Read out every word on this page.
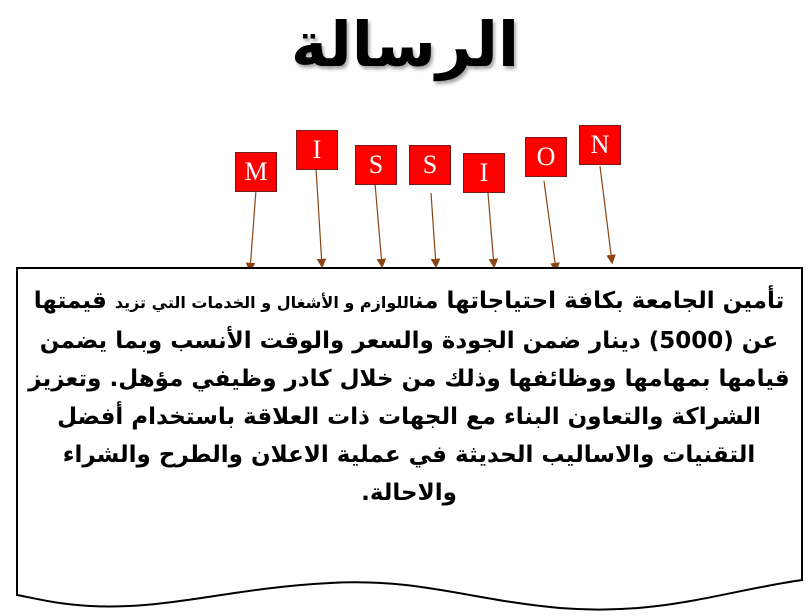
الرسالة
M
I
S	S	I
O	N
تأمين الجامعة بكافة احتياجاتها مناللوازم و الأشغال و الخدمات التي تزيد قيمتها عن (5000) دينار ضمن الجودة والسعر والوقت الأنسب وبما يضمن قيامها بمهامها ووظائفها وذلك من خلال كادر وظيفي مؤهل. وتعزيز الشراكة والتعاون البناء مع الجهات ذات العلاقة باستخدام أفضل التقنيات والاساليب الحديثة في عملية الاعلان والطرح والشراء والاحالة.
